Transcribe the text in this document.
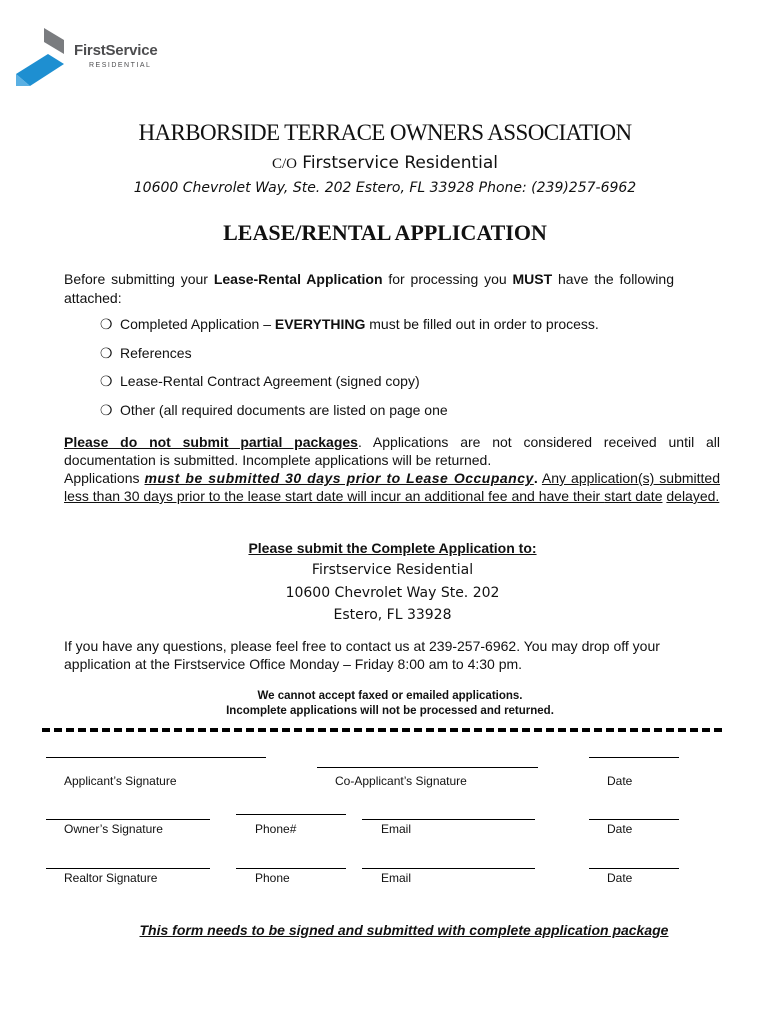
FirstService
RESIDENTIAL
HARBORSIDE TERRACE OWNERS ASSOCIATION
C/O Firstservice Residential
10600 Chevrolet Way, Ste. 202 Estero, FL 33928 Phone: (239)257-6962
LEASE/RENTAL APPLICATION
Before submitting your Lease-Rental Application for processing you MUST have the following attached:
❍ Completed Application – EVERYTHING must be filled out in order to process.
❍ References
❍ Lease-Rental Contract Agreement (signed copy)
❍ Other (all required documents are listed on page one
Please do not submit partial packages. Applications are not considered received until all documentation is submitted. Incomplete applications will be returned.
Applications must be submitted 30 days prior to Lease Occupancy. Any application(s) submitted less than 30 days prior to the lease start date will incur an additional fee and have their start date delayed.
Please submit the Complete Application to:
Firstservice Residential
10600 Chevrolet Way Ste. 202
Estero, FL 33928
If you have any questions, please feel free to contact us at 239-257-6962. You may drop off your application at the Firstservice Office Monday – Friday 8:00 am to 4:30 pm.
We cannot accept faxed or emailed applications.
Incomplete applications will not be processed and returned.
Applicant’s Signature	Co-Applicant’s Signature	Date
Owner’s Signature	Phone#	Email	Date
Realtor Signature	Phone	Email	Date
This form needs to be signed and submitted with complete application package
